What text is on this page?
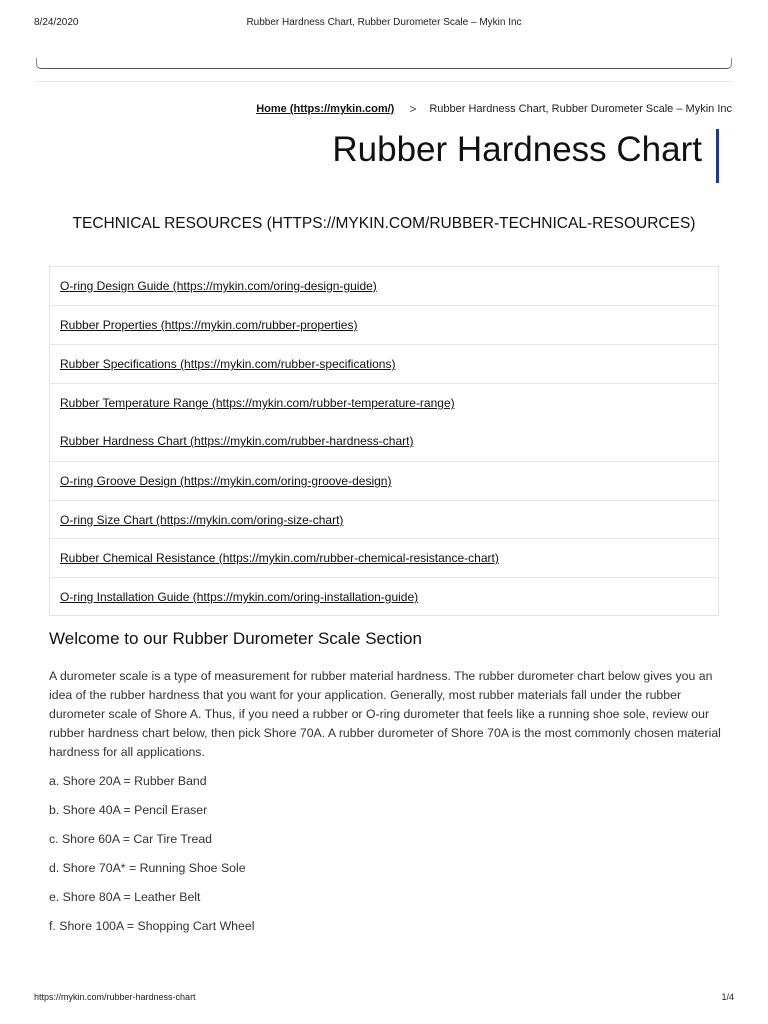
8/24/2020	Rubber Hardness Chart, Rubber Durometer Scale – Mykin Inc
Home (https://mykin.com/) > Rubber Hardness Chart, Rubber Durometer Scale – Mykin Inc
Rubber Hardness Chart
TECHNICAL RESOURCES (HTTPS://MYKIN.COM/RUBBER-TECHNICAL-RESOURCES)
O-ring Design Guide (https://mykin.com/oring-design-guide)
Rubber Properties (https://mykin.com/rubber-properties)
Rubber Specifications (https://mykin.com/rubber-specifications)
Rubber Temperature Range (https://mykin.com/rubber-temperature-range)
Rubber Hardness Chart (https://mykin.com/rubber-hardness-chart)
O-ring Groove Design (https://mykin.com/oring-groove-design)
O-ring Size Chart (https://mykin.com/oring-size-chart)
Rubber Chemical Resistance (https://mykin.com/rubber-chemical-resistance-chart)
O-ring Installation Guide (https://mykin.com/oring-installation-guide)
Welcome to our Rubber Durometer Scale Section

A durometer scale is a type of measurement for rubber material hardness. The rubber durometer chart below gives you an idea of the rubber hardness that you want for your application. Generally, most rubber materials fall under the rubber durometer scale of Shore A. Thus, if you need a rubber or O-ring durometer that feels like a running shoe sole, review our rubber hardness chart below, then pick Shore 70A. A rubber durometer of Shore 70A is the most commonly chosen material hardness for all applications.

a. Shore 20A = Rubber Band

b. Shore 40A = Pencil Eraser

c. Shore 60A = Car Tire Tread

d. Shore 70A* = Running Shoe Sole

e. Shore 80A = Leather Belt

f. Shore 100A = Shopping Cart Wheel

https://mykin.com/rubber-hardness-chart	1/4
